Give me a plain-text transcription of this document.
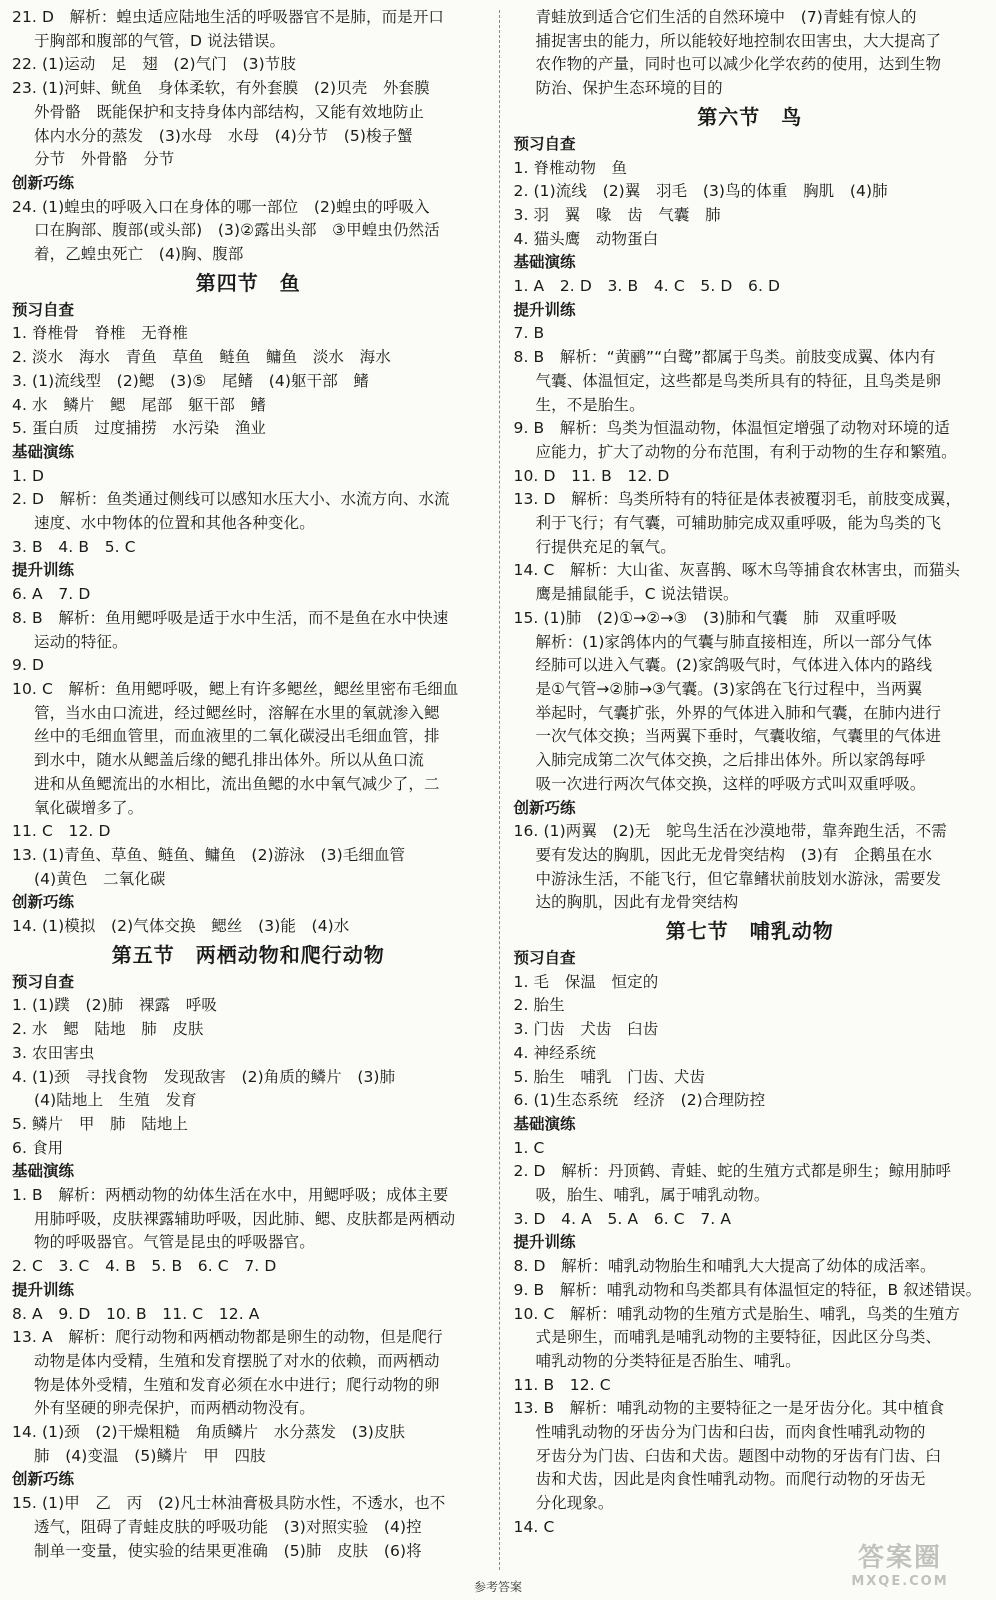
21. D　解析：蝗虫适应陆地生活的呼吸器官不是肺，而是开口
于胸部和腹部的气管，D 说法错误。
22. (1)运动　足　翅　(2)气门　(3)节肢
23. (1)河蚌、鱿鱼　身体柔软，有外套膜　(2)贝壳　外套膜
外骨骼　既能保护和支持身体内部结构，又能有效地防止
体内水分的蒸发　(3)水母　水母　(4)分节　(5)梭子蟹
分节　外骨骼　分节
创新巧练
24. (1)蝗虫的呼吸入口在身体的哪一部位　(2)蝗虫的呼吸入
口在胸部、腹部(或头部)　(3)②露出头部　③甲蝗虫仍然活
着，乙蝗虫死亡　(4)胸、腹部
第四节　鱼
预习自查
1. 脊椎骨　脊椎　无脊椎
2. 淡水　海水　青鱼　草鱼　鲢鱼　鳙鱼　淡水　海水
3. (1)流线型　(2)鳃　(3)⑤　尾鳍　(4)躯干部　鳍
4. 水　鳞片　鳃　尾部　躯干部　鳍
5. 蛋白质　过度捕捞　水污染　渔业
基础演练
1. D
2. D　解析：鱼类通过侧线可以感知水压大小、水流方向、水流
速度、水中物体的位置和其他各种变化。
3. B　4. B　5. C
提升训练
6. A　7. D
8. B　解析：鱼用鳃呼吸是适于水中生活，而不是鱼在水中快速
运动的特征。
9. D
10. C　解析：鱼用鳃呼吸，鳃上有许多鳃丝，鳃丝里密布毛细血
管，当水由口流进，经过鳃丝时，溶解在水里的氧就渗入鳃
丝中的毛细血管里，而血液里的二氧化碳浸出毛细血管，排
到水中，随水从鳃盖后缘的鳃孔排出体外。所以从鱼口流
进和从鱼鳃流出的水相比，流出鱼鳃的水中氧气减少了，二
氧化碳增多了。
11. C　12. D
13. (1)青鱼、草鱼、鲢鱼、鳙鱼　(2)游泳　(3)毛细血管
(4)黄色　二氧化碳
创新巧练
14. (1)模拟　(2)气体交换　鳃丝　(3)能　(4)水
第五节　两栖动物和爬行动物
预习自查
1. (1)蹼　(2)肺　裸露　呼吸
2. 水　鳃　陆地　肺　皮肤
3. 农田害虫
4. (1)颈　寻找食物　发现敌害　(2)角质的鳞片　(3)肺
(4)陆地上　生殖　发育
5. 鳞片　甲　肺　陆地上
6. 食用
基础演练
1. B　解析：两栖动物的幼体生活在水中，用鳃呼吸；成体主要
用肺呼吸，皮肤裸露辅助呼吸，因此肺、鳃、皮肤都是两栖动
物的呼吸器官。气管是昆虫的呼吸器官。
2. C　3. C　4. B　5. B　6. C　7. D
提升训练
8. A　9. D　10. B　11. C　12. A
13. A　解析：爬行动物和两栖动物都是卵生的动物，但是爬行
动物是体内受精，生殖和发育摆脱了对水的依赖，而两栖动
物是体外受精，生殖和发育必须在水中进行；爬行动物的卵
外有坚硬的卵壳保护，而两栖动物没有。
14. (1)颈　(2)干燥粗糙　角质鳞片　水分蒸发　(3)皮肤
肺　(4)变温　(5)鳞片　甲　四肢
创新巧练
15. (1)甲　乙　丙　(2)凡士林油膏极具防水性，不透水，也不
透气，阻碍了青蛙皮肤的呼吸功能　(3)对照实验　(4)控
制单一变量，使实验的结果更准确　(5)肺　皮肤　(6)将
青蛙放到适合它们生活的自然环境中　(7)青蛙有惊人的
捕捉害虫的能力，所以能较好地控制农田害虫，大大提高了
农作物的产量，同时也可以减少化学农药的使用，达到生物
防治、保护生态环境的目的
第六节　鸟
预习自查
1. 脊椎动物　鱼
2. (1)流线　(2)翼　羽毛　(3)鸟的体重　胸肌　(4)肺
3. 羽　翼　喙　齿　气囊　肺
4. 猫头鹰　动物蛋白
基础演练
1. A　2. D　3. B　4. C　5. D　6. D
提升训练
7. B
8. B　解析：“黄鹂”“白鹭”都属于鸟类。前肢变成翼、体内有
气囊、体温恒定，这些都是鸟类所具有的特征，且鸟类是卵
生，不是胎生。
9. B　解析：鸟类为恒温动物，体温恒定增强了动物对环境的适
应能力，扩大了动物的分布范围，有利于动物的生存和繁殖。
10. D　11. B　12. D
13. D　解析：鸟类所特有的特征是体表被覆羽毛，前肢变成翼，
利于飞行；有气囊，可辅助肺完成双重呼吸，能为鸟类的飞
行提供充足的氧气。
14. C　解析：大山雀、灰喜鹊、啄木鸟等捕食农林害虫，而猫头
鹰是捕鼠能手，C 说法错误。
15. (1)肺　(2)①→②→③　(3)肺和气囊　肺　双重呼吸
解析：(1)家鸽体内的气囊与肺直接相连，所以一部分气体
经肺可以进入气囊。(2)家鸽吸气时，气体进入体内的路线
是①气管→②肺→③气囊。(3)家鸽在飞行过程中，当两翼
举起时，气囊扩张，外界的气体进入肺和气囊，在肺内进行
一次气体交换；当两翼下垂时，气囊收缩，气囊里的气体进
入肺完成第二次气体交换，之后排出体外。所以家鸽每呼
吸一次进行两次气体交换，这样的呼吸方式叫双重呼吸。
创新巧练
16. (1)两翼　(2)无　鸵鸟生活在沙漠地带，靠奔跑生活，不需
要有发达的胸肌，因此无龙骨突结构　(3)有　企鹅虽在水
中游泳生活，不能飞行，但它靠鳍状前肢划水游泳，需要发
达的胸肌，因此有龙骨突结构
第七节　哺乳动物
预习自查
1. 毛　保温　恒定的
2. 胎生
3. 门齿　犬齿　臼齿
4. 神经系统
5. 胎生　哺乳　门齿、犬齿
6. (1)生态系统　经济　(2)合理防控
基础演练
1. C
2. D　解析：丹顶鹤、青蛙、蛇的生殖方式都是卵生；鲸用肺呼
吸，胎生、哺乳，属于哺乳动物。
3. D　4. A　5. A　6. C　7. A
提升训练
8. D　解析：哺乳动物胎生和哺乳大大提高了幼体的成活率。
9. B　解析：哺乳动物和鸟类都具有体温恒定的特征，B 叙述错误。
10. C　解析：哺乳动物的生殖方式是胎生、哺乳，鸟类的生殖方
式是卵生，而哺乳是哺乳动物的主要特征，因此区分鸟类、
哺乳动物的分类特征是否胎生、哺乳。
11. B　12. C
13. B　解析：哺乳动物的主要特征之一是牙齿分化。其中植食
性哺乳动物的牙齿分为门齿和臼齿，而肉食性哺乳动物的
牙齿分为门齿、臼齿和犬齿。题图中动物的牙齿有门齿、臼
齿和犬齿，因此是肉食性哺乳动物。而爬行动物的牙齿无
分化现象。
14. C
参考答案
答案圈
MXQE.COM
